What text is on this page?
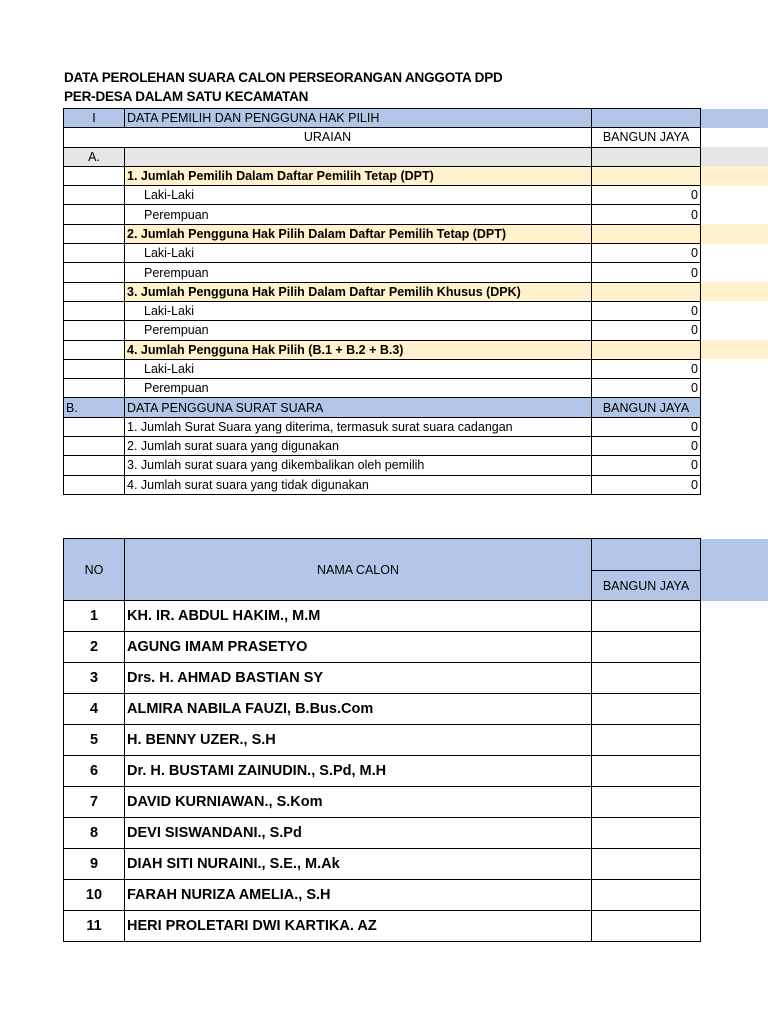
DATA PEROLEHAN SUARA CALON PERSEORANGAN ANGGOTA DPD
PER-DESA DALAM SATU KECAMATAN
I	DATA PEMILIH DAN PENGGUNA HAK PILIH		
URAIAN		BANGUN JAYA	
A.			
	1. Jumlah Pemilih Dalam Daftar Pemilih Tetap (DPT)		
	Laki-Laki	0	
	Perempuan	0	
	2. Jumlah Pengguna Hak Pilih Dalam Daftar Pemilih Tetap (DPT)		
	Laki-Laki	0	
	Perempuan	0	
	3. Jumlah Pengguna Hak Pilih Dalam Daftar Pemilih Khusus (DPK)		
	Laki-Laki	0	
	Perempuan	0	
	4. Jumlah Pengguna Hak Pilih (B.1 + B.2 + B.3)		
	Laki-Laki	0	
	Perempuan	0	
B.	DATA PENGGUNA SURAT SUARA	BANGUN JAYA	
	1. Jumlah Surat Suara yang diterima, termasuk surat suara cadangan	0	
	2. Jumlah surat suara yang digunakan	0	
	3. Jumlah surat suara yang dikembalikan oleh pemilih	0	
	4. Jumlah surat suara yang tidak digunakan	0	
NO	NAMA CALON		
		BANGUN JAYA	
1	KH. IR. ABDUL HAKIM., M.M		
2	AGUNG IMAM PRASETYO		
3	Drs. H. AHMAD BASTIAN SY		
4	ALMIRA NABILA FAUZI, B.Bus.Com		
5	H. BENNY UZER., S.H		
6	Dr. H. BUSTAMI ZAINUDIN., S.Pd, M.H		
7	DAVID KURNIAWAN., S.Kom		
8	DEVI SISWANDANI., S.Pd		
9	DIAH SITI NURAINI., S.E., M.Ak		
10	FARAH NURIZA AMELIA., S.H		
11	HERI PROLETARI DWI KARTIKA. AZ		
